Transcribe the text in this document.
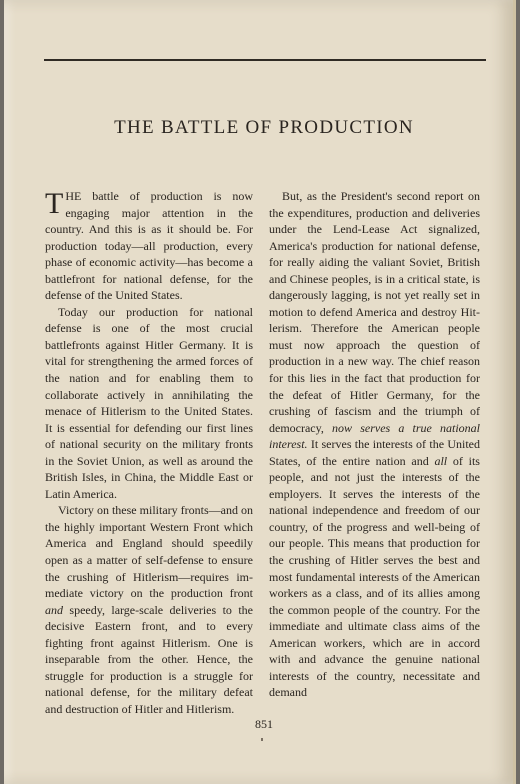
THE BATTLE OF PRODUCTION

THE battle of production is now engaging major attention in the country. And this is as it should be. For production today—all production, every phase of economic activity—has become a battlefront for national defense, for the defense of the United States.

Today our production for national defense is one of the most crucial battlefronts against Hitler Germany. It is vital for strengthening the armed forces of the nation and for enabling them to collaborate actively in annihilating the menace of Hitlerism to the United States. It is essential for defending our first lines of national security on the military fronts in the Soviet Union, as well as around the British Isles, in China, the Middle East or Latin America.

Victory on these military fronts—and on the highly important Western Front which America and England should speedily open as a matter of self-defense to ensure the crushing of Hitlerism—requires immediate victory on the production front and speedy, large-scale deliveries to the decisive Eastern front, and to every fighting front against Hitlerism. One is inseparable from the other. Hence, the struggle for production is a struggle for national defense, for the military defeat and destruction of Hitler and Hitlerism.

But, as the President's second report on the expenditures, production and deliveries under the Lend-Lease Act signalized, America's production for national defense, for really aiding the valiant Soviet, British and Chinese peoples, is in a critical state, is dangerously lagging, is not yet really set in motion to defend America and destroy Hitlerism. Therefore the American people must now approach the question of production in a new way. The chief reason for this lies in the fact that production for the defeat of Hitler Germany, for the crushing of fascism and the triumph of democracy, now serves a true national interest. It serves the interests of the United States, of the entire nation and all of its people, and not just the interests of the employers. It serves the interests of the national independence and freedom of our country, of the progress and well-being of our people. This means that production for the crushing of Hitler serves the best and most fundamental interests of the American workers as a class, and of its allies among the common people of the country. For the immediate and ultimate class aims of the American workers, which are in accord with and advance the genuine national interests of the country, necessitate and demand

851
